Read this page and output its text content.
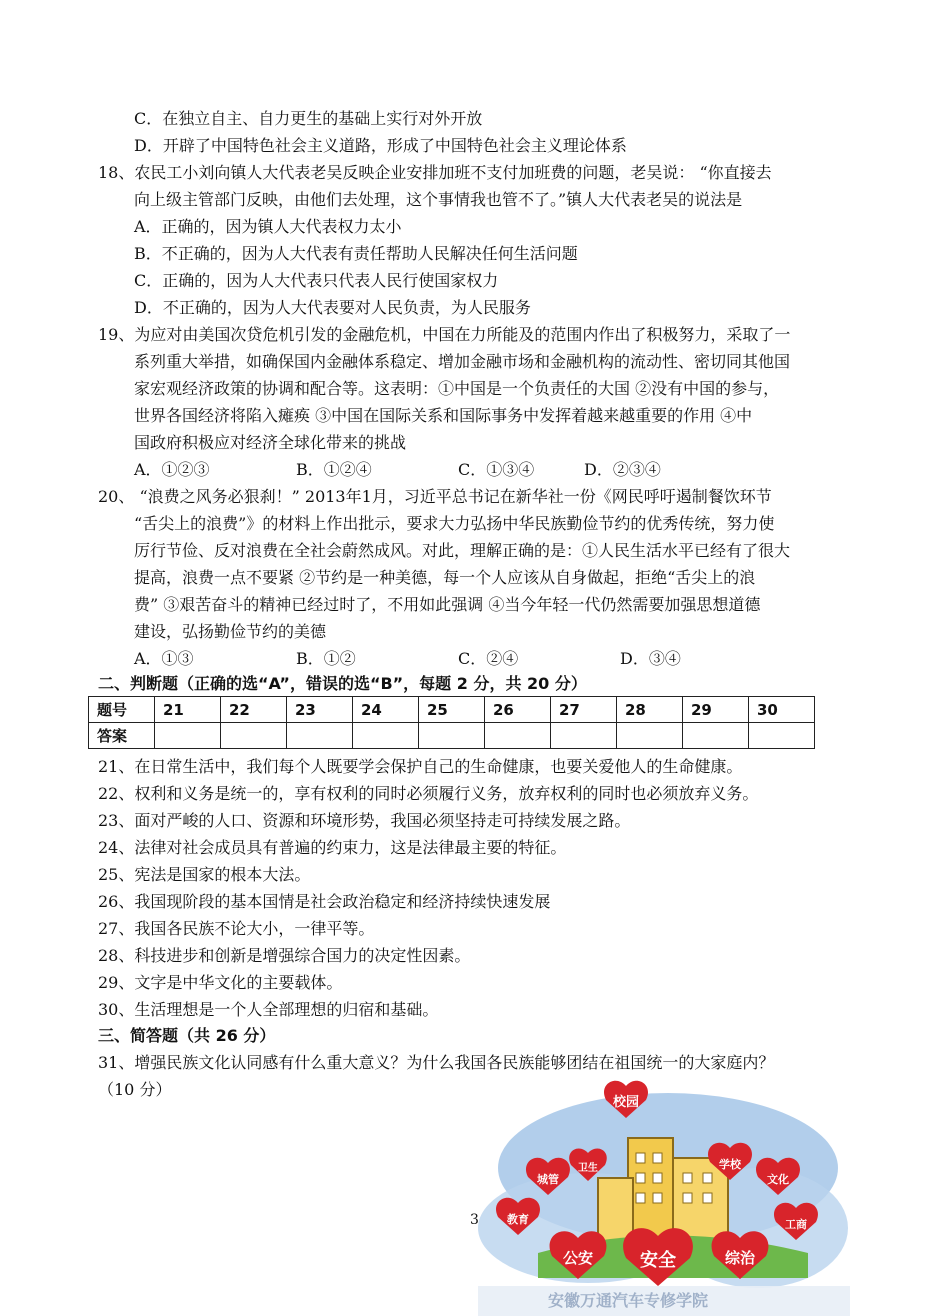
C．在独立自主、自力更生的基础上实行对外开放
D．开辟了中国特色社会主义道路，形成了中国特色社会主义理论体系
18、农民工小刘向镇人大代表老吴反映企业安排加班不支付加班费的问题，老吴说： “你直接去
向上级主管部门反映，由他们去处理，这个事情我也管不了。”镇人大代表老吴的说法是
A．正确的，因为镇人大代表权力太小
B．不正确的，因为人大代表有责任帮助人民解决任何生活问题
C．正确的，因为人大代表只代表人民行使国家权力
D．不正确的，因为人大代表要对人民负责，为人民服务
19、为应对由美国次贷危机引发的金融危机，中国在力所能及的范围内作出了积极努力，采取了一
系列重大举措，如确保国内金融体系稳定、增加金融市场和金融机构的流动性、密切同其他国
家宏观经济政策的协调和配合等。这表明：①中国是一个负责任的大国 ②没有中国的参与，
世界各国经济将陷入瘫痪 ③中国在国际关系和国际事务中发挥着越来越重要的作用 ④中
国政府积极应对经济全球化带来的挑战
A．①②③	B．①②④	C．①③④	D．②③④
20、 “浪费之风务必狠刹！” 2013年1月，习近平总书记在新华社一份《网民呼吁遏制餐饮环节
“舌尖上的浪费”》的材料上作出批示，要求大力弘扬中华民族勤俭节约的优秀传统，努力使
厉行节俭、反对浪费在全社会蔚然成风。对此，理解正确的是：①人民生活水平已经有了很大
提高，浪费一点不要紧 ②节约是一种美德，每一个人应该从自身做起，拒绝“舌尖上的浪
费” ③艰苦奋斗的精神已经过时了，不用如此强调 ④当今年轻一代仍然需要加强思想道德
建设，弘扬勤俭节约的美德
A．①③	B．①②	C．②④	D．③④
二、判断题（正确的选“A”，错误的选“B”，每题 2 分，共 20 分）
题号	21	22	23	24	25	26	27	28	29	30
答案										
21、在日常生活中，我们每个人既要学会保护自己的生命健康，也要关爱他人的生命健康。
22、权利和义务是统一的，享有权利的同时必须履行义务，放弃权利的同时也必须放弃义务。
23、面对严峻的人口、资源和环境形势，我国必须坚持走可持续发展之路。
24、法律对社会成员具有普遍的约束力，这是法律最主要的特征。
25、宪法是国家的根本大法。
26、我国现阶段的基本国情是社会政治稳定和经济持续快速发展
27、我国各民族不论大小，一律平等。
28、科技进步和创新是增强综合国力的决定性因素。
29、文字是中华文化的主要载体。
30、生活理想是一个人全部理想的归宿和基础。
三、简答题（共 26 分）
31、增强民族文化认同感有什么重大意义？为什么我国各民族能够团结在祖国统一的大家庭内？
（10 分）
3
校园
城管
卫生	学校
文化
教育	工商
公安	安全	综治
安徽万通汽车专修学院
